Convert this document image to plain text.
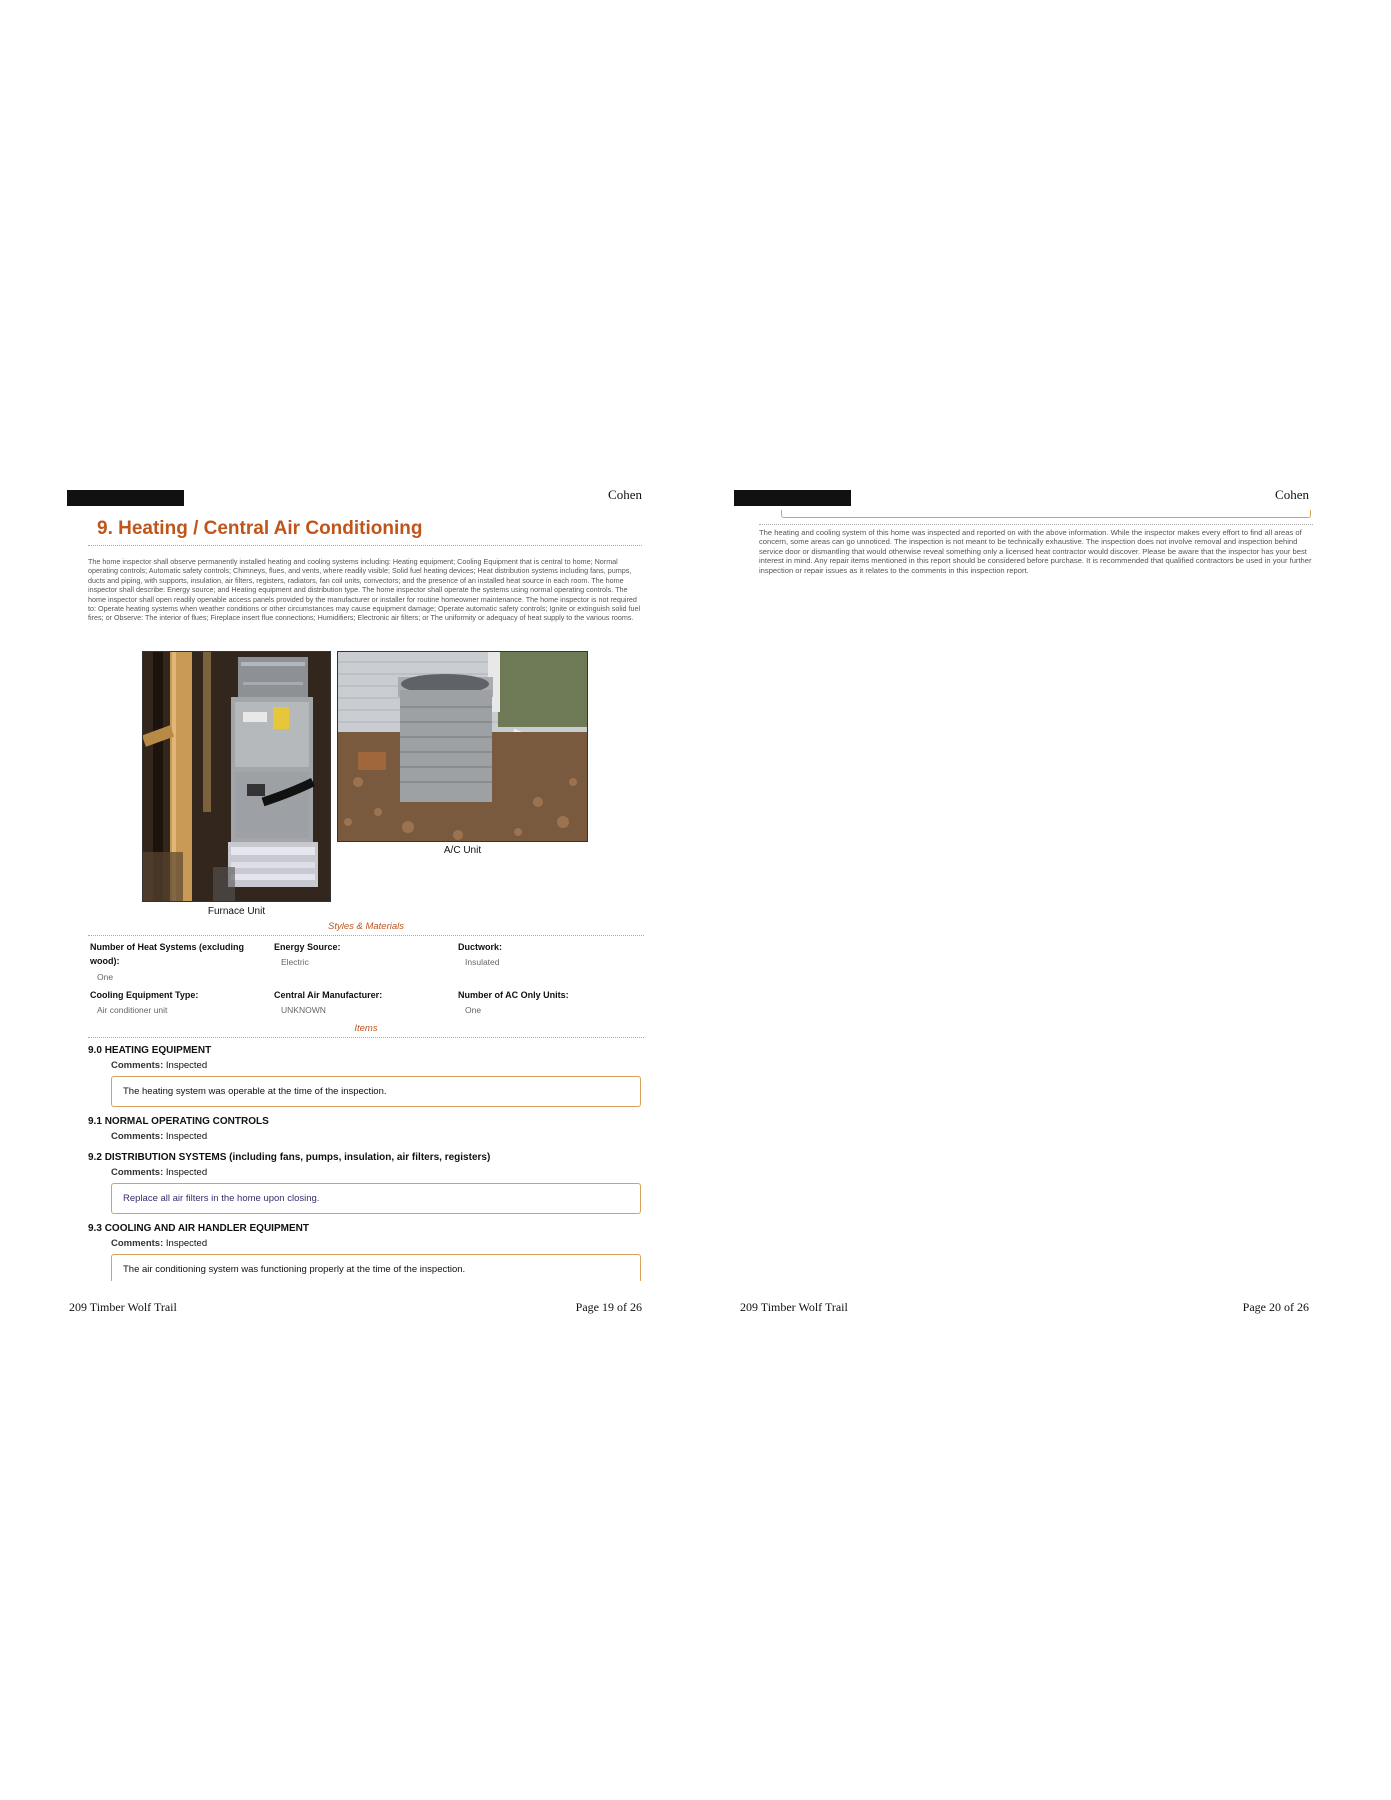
Cohen
9. Heating / Central Air Conditioning

The home inspector shall observe permanently installed heating and cooling systems including: Heating equipment; Cooling Equipment that is central to home; Normal operating controls; Automatic safety controls; Chimneys, flues, and vents, where readily visible; Solid fuel heating devices; Heat distribution systems including fans, pumps, ducts and piping, with supports, insulation, air filters, registers, radiators, fan coil units, convectors; and the presence of an installed heat source in each room. The home inspector shall describe: Energy source; and Heating equipment and distribution type. The home inspector shall operate the systems using normal operating controls. The home inspector shall open readily openable access panels provided by the manufacturer or installer for routine homeowner maintenance. The home inspector is not required to: Operate heating systems when weather conditions or other circumstances may cause equipment damage; Operate automatic safety controls; Ignite or extinguish solid fuel fires; or Observe: The interior of flues; Fireplace insert flue connections; Humidifiers; Electronic air filters; or The uniformity or adequacy of heat supply to the various rooms.

Furnace Unit
A/C Unit
Styles & Materials
Number of Heat Systems (excluding wood):
One
Energy Source:
Electric
Ductwork:
Insulated
Cooling Equipment Type:
Air conditioner unit
Central Air Manufacturer:
UNKNOWN
Number of AC Only Units:
One
Items
9.0 HEATING EQUIPMENT
Comments: Inspected
The heating system was operable at the time of the inspection.
9.1 NORMAL OPERATING CONTROLS
Comments: Inspected
9.2 DISTRIBUTION SYSTEMS (including fans, pumps, insulation, air filters, registers)
Comments: Inspected
Replace all air filters in the home upon closing.
9.3 COOLING AND AIR HANDLER EQUIPMENT
Comments: Inspected
The air conditioning system was functioning properly at the time of the inspection.
209 Timber Wolf Trail	Page 19 of 26
Cohen

The heating and cooling system of this home was inspected and reported on with the above information. While the inspector makes every effort to find all areas of concern, some areas can go unnoticed. The inspection is not meant to be technically exhaustive. The inspection does not involve removal and inspection behind service door or dismantling that would otherwise reveal something only a licensed heat contractor would discover. Please be aware that the inspector has your best interest in mind. Any repair items mentioned in this report should be considered before purchase. It is recommended that qualified contractors be used in your further inspection or repair issues as it relates to the comments in this inspection report.

209 Timber Wolf Trail	Page 20 of 26
